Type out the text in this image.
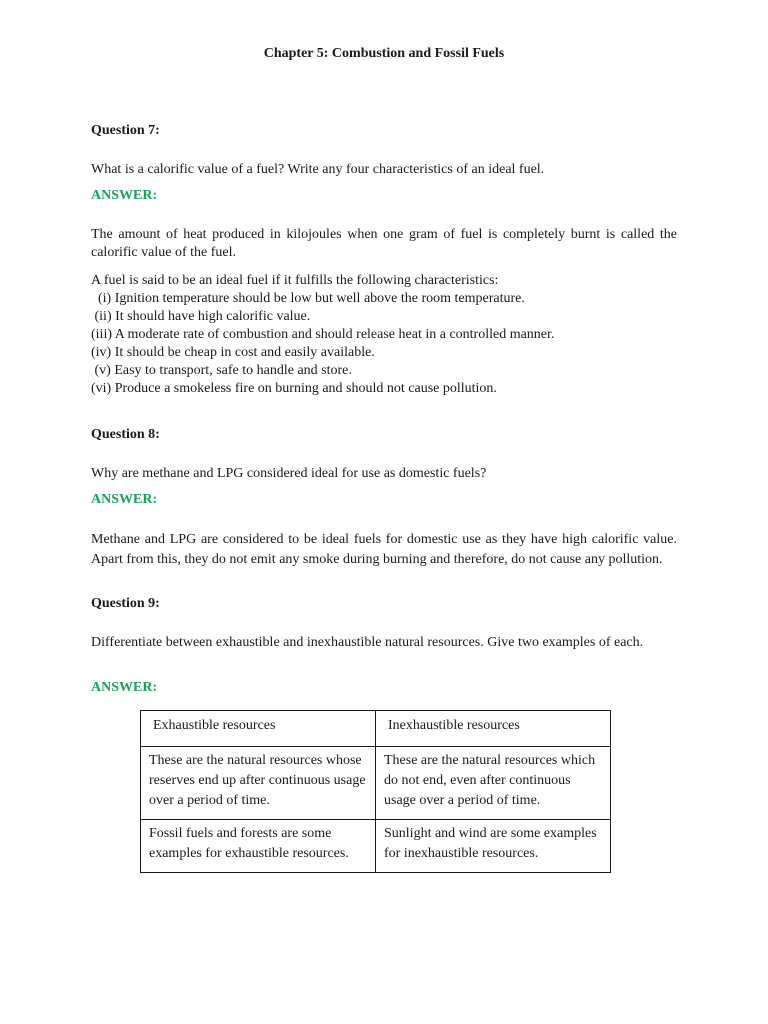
Chapter 5: Combustion and Fossil Fuels
Question 7:
What is a calorific value of a fuel? Write any four characteristics of an ideal fuel.
ANSWER:
The amount of heat produced in kilojoules when one gram of fuel is completely burnt is called the calorific value of the fuel.
A fuel is said to be an ideal fuel if it fulfills the following characteristics:
(i) Ignition temperature should be low but well above the room temperature.
(ii) It should have high calorific value.
(iii) A moderate rate of combustion and should release heat in a controlled manner.
(iv) It should be cheap in cost and easily available.
(v) Easy to transport, safe to handle and store.
(vi) Produce a smokeless fire on burning and should not cause pollution.
Question 8:
Why are methane and LPG considered ideal for use as domestic fuels?
ANSWER:
Methane and LPG are considered to be ideal fuels for domestic use as they have high calorific value. Apart from this, they do not emit any smoke during burning and therefore, do not cause any pollution.
Question 9:
Differentiate between exhaustible and inexhaustible natural resources. Give two examples of each.
ANSWER:
Exhaustible resources	Inexhaustible resources
These are the natural resources whose reserves end up after continuous usage over a period of time.	These are the natural resources which do not end, even after continuous usage over a period of time.
Fossil fuels and forests are some examples for exhaustible resources.	Sunlight and wind are some examples for inexhaustible resources.
